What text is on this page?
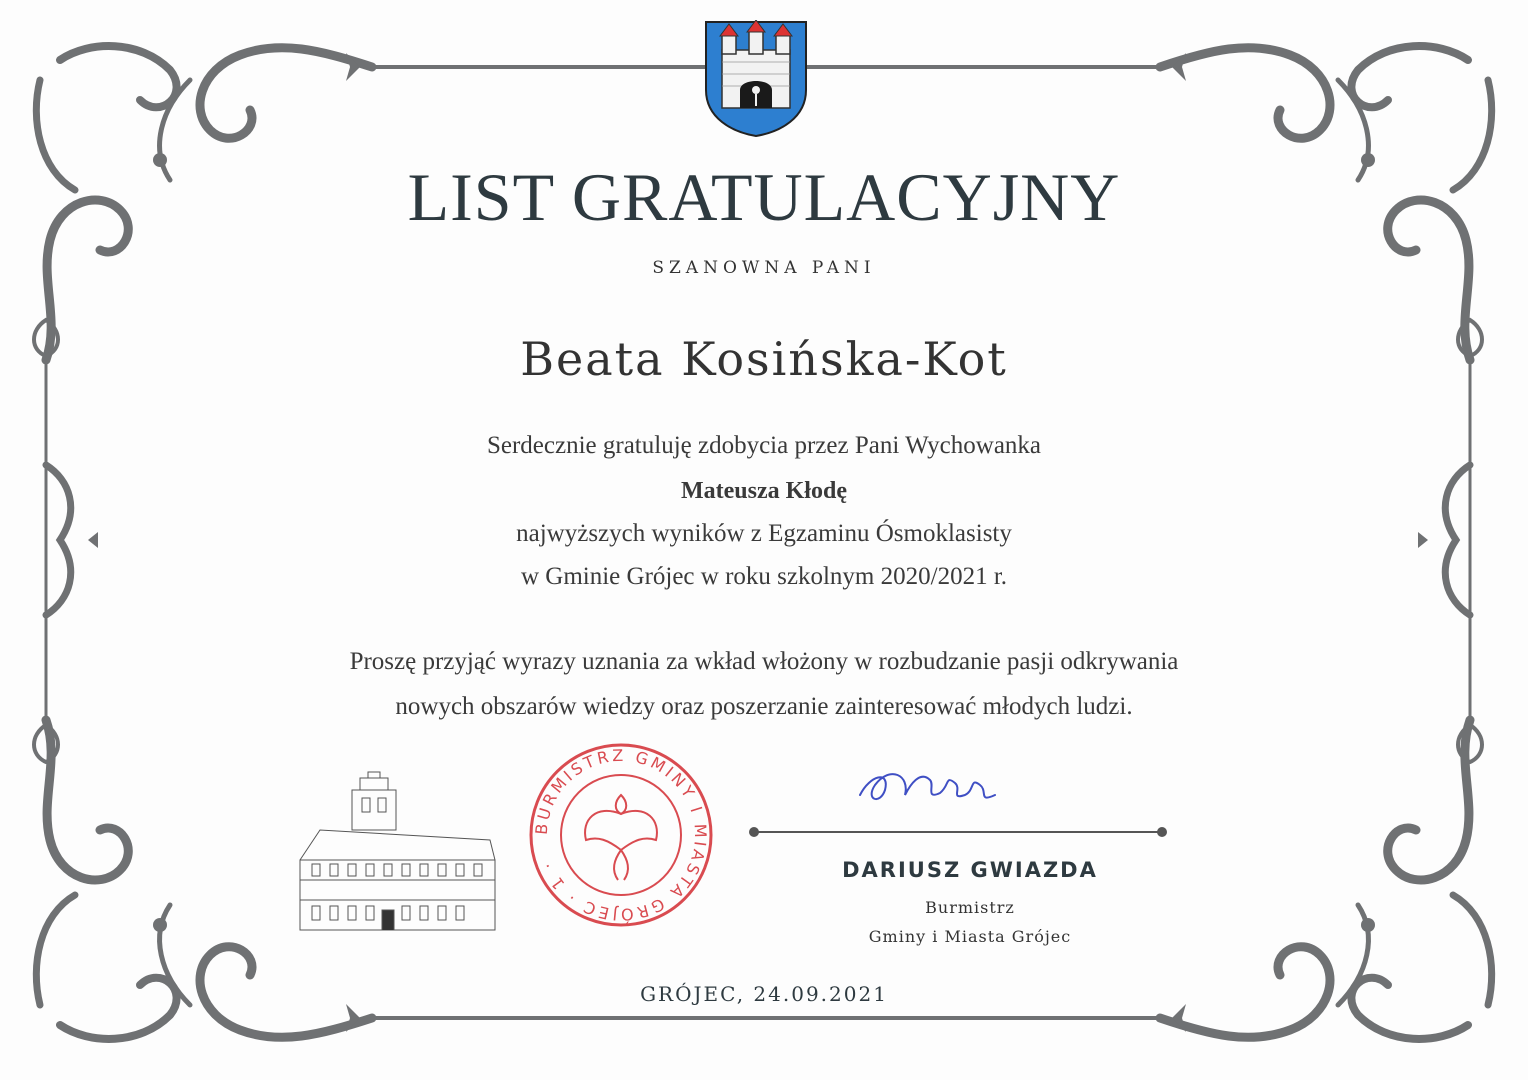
LIST GRATULACYJNY
SZANOWNA PANI
Beata Kosińska-Kot
Serdecznie gratuluję zdobycia przez Pani Wychowanka
Mateusza Kłodę
najwyższych wyników z Egzaminu Ósmoklasisty
w Gminie Grójec w roku szkolnym 2020/2021 r.
Proszę przyjąć wyrazy uznania za wkład włożony w rozbudzanie pasji odkrywania
nowych obszarów wiedzy oraz poszerzanie zainteresować młodych ludzi.
BURMISTRZ GMINY I MIASTA GRÓJEC · 1 ·	DARIUSZ GWIAZDA
Burmistrz
Gminy i Miasta Grójec
GRÓJEC, 24.09.2021
